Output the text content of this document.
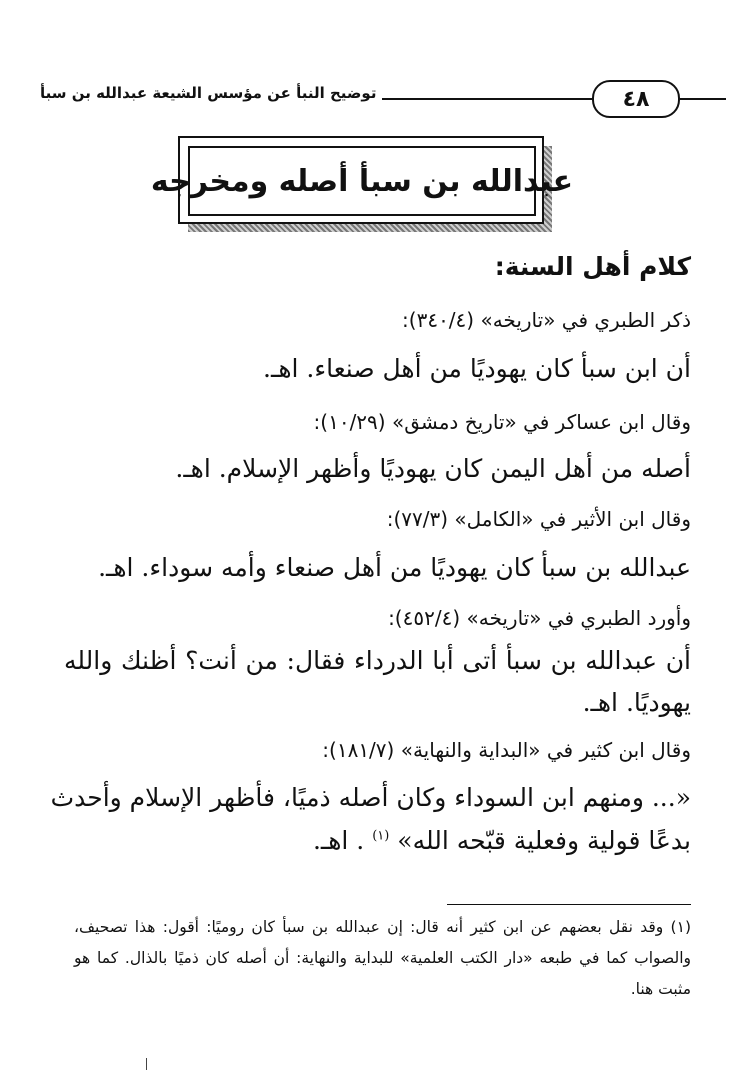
٤٨
توضيح النبأ عن مؤسس الشيعة عبدالله بن سبأ
عبدالله بن سبأ أصله ومخرجه
كلام أهل السنة:
ذكر الطبري في «تاريخه» (٣٤٠/٤):
أن ابن سبأ كان يهوديًا من أهل صنعاء. اهـ.
وقال ابن عساكر في «تاريخ دمشق» (١٠/٢٩):
أصله من أهل اليمن كان يهوديًا وأظهر الإسلام. اهـ.
وقال ابن الأثير في «الكامل» (٧٧/٣):
عبدالله بن سبأ كان يهوديًا من أهل صنعاء وأمه سوداء. اهـ.
وأورد الطبري في «تاريخه» (٤٥٢/٤):
أن عبدالله بن سبأ أتى أبا الدرداء فقال: من أنت؟ أظنك والله
يهوديًا. اهـ.
وقال ابن كثير في «البداية والنهاية» (١٨١/٧):
«... ومنهم ابن السوداء وكان أصله ذميًا، فأظهر الإسلام وأحدث
بدعًا قولية وفعلية قبّحه الله» $^{(١)}$ . اهـ.
(١) وقد نقل بعضهم عن ابن كثير أنه قال: إن عبدالله بن سبأ كان روميًا: أقول: هذا تصحيف، والصواب كما في طبعه «دار الكتب العلمية» للبداية والنهاية: أن أصله كان ذميًا بالذال. كما هو مثبت هنا.
